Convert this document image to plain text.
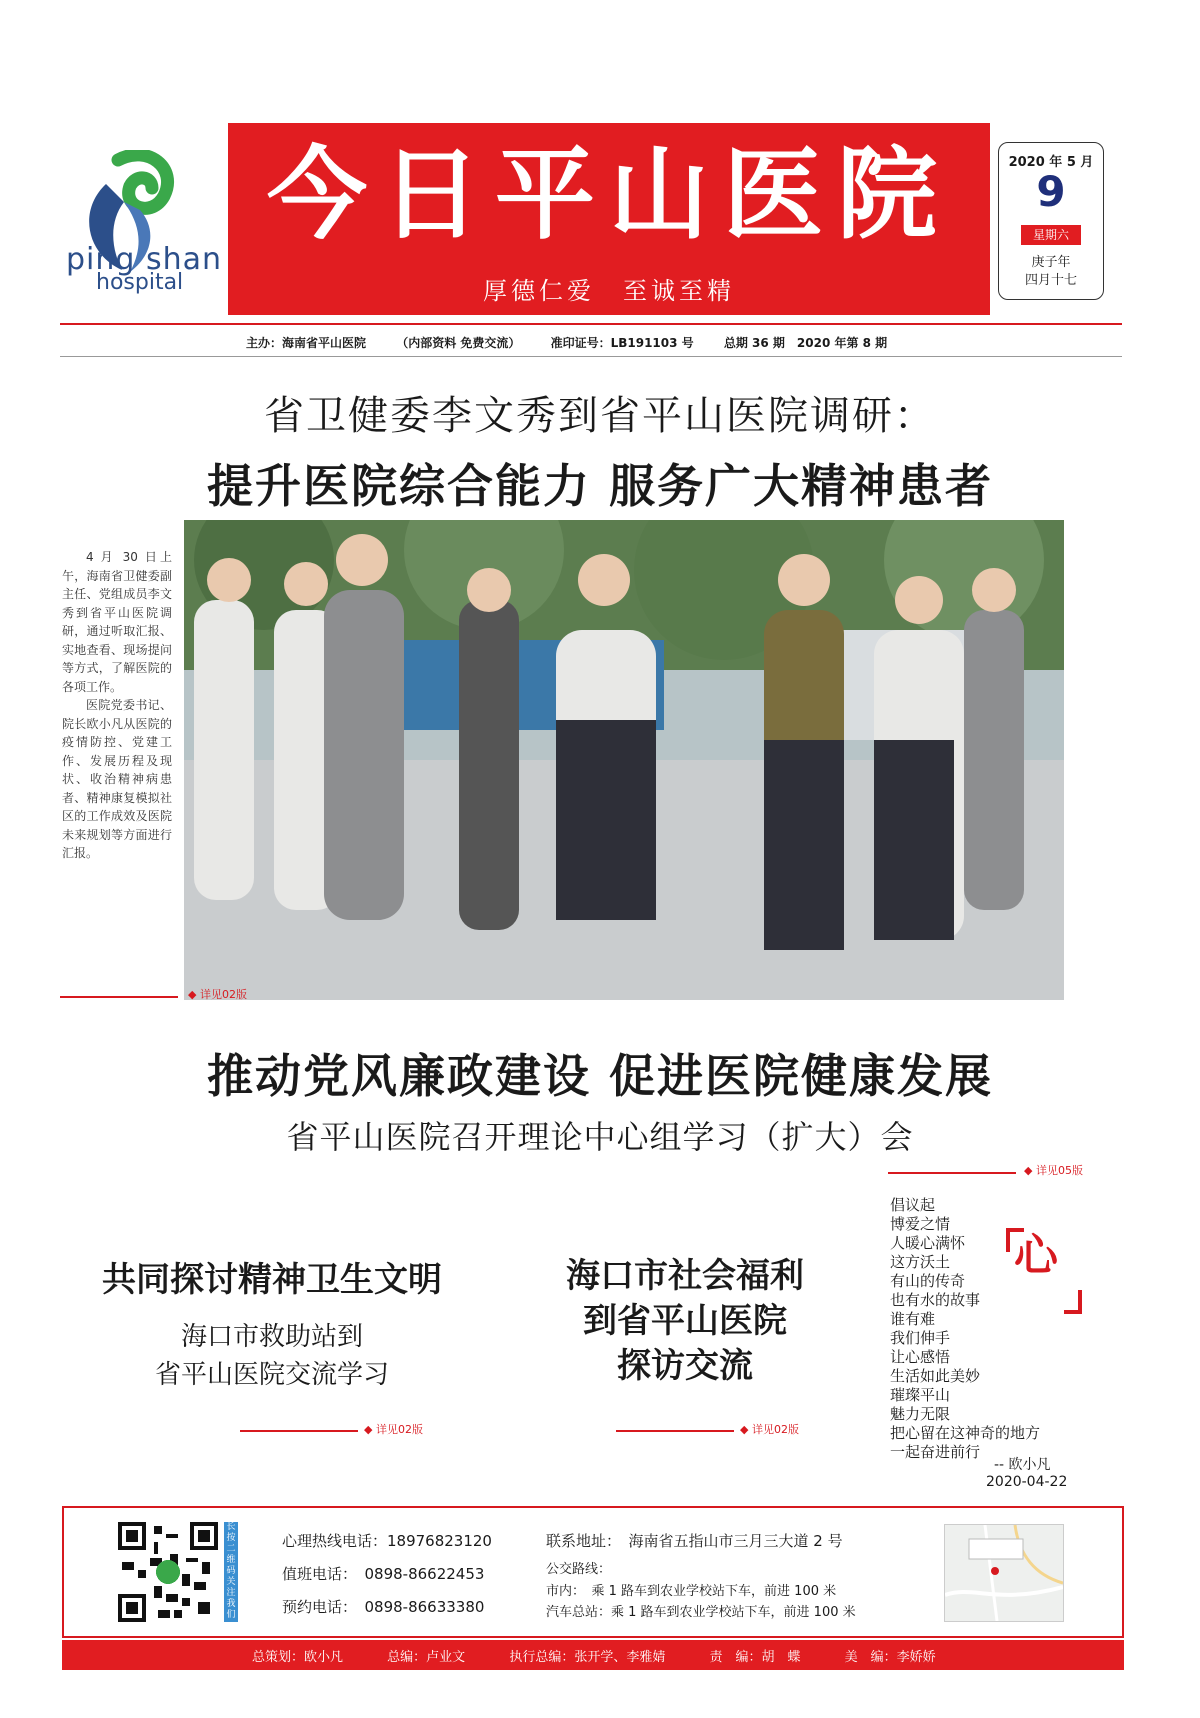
ping shan
hospital
今日平山医院
厚德仁爱　至诚至精
2020 年 5 月
9
星期六
庚子年
四月十七
主办：海南省平山医院	（内部资料 免费交流）	准印证号：LB191103 号	总期 36 期　2020 年第 8 期
省卫健委李文秀到省平山医院调研：
提升医院综合能力 服务广大精神患者

4 月 30 日上午，海南省卫健委副主任、党组成员李文秀到省平山医院调研，通过听取汇报、实地查看、现场提问等方式，了解医院的各项工作。

医院党委书记、院长欧小凡从医院的疫情防控、党建工作、发展历程及现状、收治精神病患者、精神康复模拟社区的工作成效及医院未来规划等方面进行汇报。

◆ 详见02版
推动党风廉政建设 促进医院健康发展
省平山医院召开理论中心组学习（扩大）会
◆ 详见05版
共同探讨精神卫生文明
海口市救助站到
省平山医院交流学习
◆ 详见02版
海口市社会福利
到省平山医院
探访交流
◆ 详见02版
倡议起
博爱之情
人暖心满怀
这方沃土
有山的传奇
也有水的故事
谁有难
我们伸手
让心感悟
生活如此美妙
璀璨平山
魅力无限
把心留在这神奇的地方
一起奋进前行
心
-- 欧小凡
2020-04-22
长按二维码关注我们
心理热线电话：18976823120
值班电话：　0898-86622453
预约电话：　0898-86633380
联系地址：　海南省五指山市三月三大道 2 号
公交路线：
市内：　乘 1 路车到农业学校站下车，前进 100 米
汽车总站：乘 1 路车到农业学校站下车，前进 100 米
总策划：欧小凡	总编：卢业文	执行总编：张开学、李雅婧	责　编：胡　蝶	美　编：李娇娇
